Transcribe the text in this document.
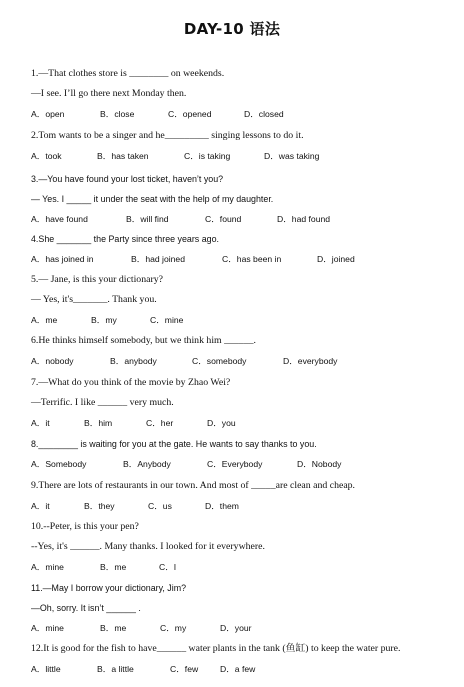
DAY-10 语法
1.—That clothes store is ________ on weekends.
—I see. I’ll go there next Monday then.
A．open	B．close	C．opened	D．closed
2.Tom wants to be a singer and he_________ singing lessons to do it.
A．took	B．has taken	C．is taking	D．was taking
3.—You have found your lost ticket, haven’t you?
— Yes. I _____ it under the seat with the help of my daughter.
A．have found	B．will find	C．found	D．had found
4.She _______ the Party since three years ago.
A．has joined in	B．had joined	C．has been in	D．joined
5.— Jane, is this your dictionary?
— Yes, it's_______. Thank you.
A．me	B．my	C．mine
6.He thinks himself somebody, but we think him ______.
A．nobody	B．anybody	C．somebody	D．everybody
7.—What do you think of the movie by Zhao Wei?
—Terrific. I like ______ very much.
A．it	B．him	C．her	D．you
8.________ is waiting for you at the gate. He wants to say thanks to you.
A．Somebody	B．Anybody	C．Everybody	D．Nobody
9.There are lots of restaurants in our town. And most of _____are clean and cheap.
A．it	B．they	C．us	D．them
10.--Peter, is this your pen?
--Yes, it's ______. Many thanks. I looked for it everywhere.
A．mine	B．me	C．I
11.—May I borrow your dictionary, Jim?
—Oh, sorry. It isn’t ______ .
A．mine	B．me	C．my	D．your
12.It is good for the fish to have______ water plants in the tank (鱼缸) to keep the water pure.
A．little	B．a little	C．few	D．a few
